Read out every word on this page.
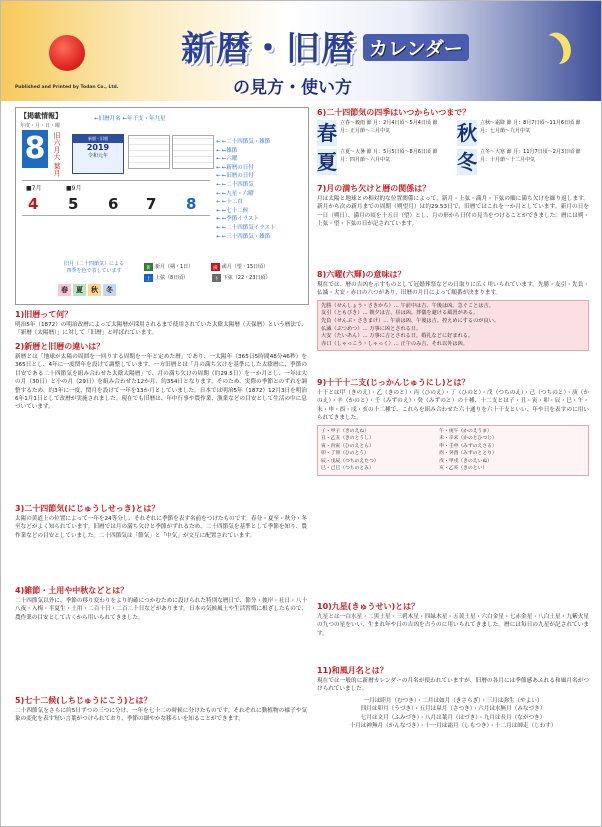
新暦・旧暦 カレンダー
の見方・使い方
Published and Printed by Todan Co., Ltd.
【掲載情報】
年度・月・日・曜
←旧暦月名 ←年干支・年九星
8	旧六月大 葉月	新暦・旧暦
2019
令和元年
← ←二十四節気・雑節
← ←雑節
← ←六曜
← ←新暦の日付
← ←旧暦の日付
← ←二十四節気
← ←九星・六曜
← ←十二直
← ←七十二候
← ←季節イラスト
← ←二十四節気イラスト
← ←三十四節気・雑節
■7月
4
■9月
5 6 7 8
旧月（二十四節気）による四季を色で表しています
春	夏	秋	冬
新 新月（朔・1日）	満 満月（望・15日頃）
上 上弦（8日頃）	下 下弦（22・23日頃）
1)旧暦って何？

明治5年（1872）の明治改暦によって太陽暦が採用されるまで使用されていた太陰太陽暦（天保暦）という暦法で、「新暦（太陽暦）」に対して「旧暦」と呼ばれています。

2)新暦と旧暦の違いは？

新暦とは「地球が太陽の周囲を一回りする周期を一年と定めた暦」であり、一太陽年（365日5時間48分46秒）を365日とし、4年に一度閏年を設けて調整しています。一方旧暦とは「月の満ち欠けを基準にした太陰暦に、季節の目安である二十四節気を組み合わせた太陰太陽暦」で、月の満ち欠けの周期（約29.5日）を一か月とし、一年は大の月（30日）と小の月（29日）を組み合わせた12か月、約354日となります。そのため、実際の季節とのずれを調整するため、約3年に一度、閏月を設けて一年を13か月としていました。日本では明治5年（1872）12月3日を明治6年1月1日として改暦が実施されました。現在でも旧暦は、年中行事や農作業、漁業などの目安として生活の中に息づいています。

3)二十四節気(にじゅうしせっき)とは？

太陽の黄道上の位置によって一年を24等分し、それぞれに季節を表す名前をつけたものです。春分・夏至・秋分・冬至などがよく知られています。旧暦では月の満ち欠けと季節がずれるため、二十四節気を基準として季節を知り、農作業などの目安としていました。二十四節気は「節気」と「中気」が交互に配置されています。

4)雑節・土用や中秋などとは？

二十四節気以外に、季節の移り変わりをより的確につかむために設けられた特別な暦日で、節分・彼岸・社日・八十八夜・入梅・半夏生・土用・二百十日・二百二十日などがあります。日本の気候風土や生活習慣に根ざしたもので、農作業の目安として古くから用いられてきました。

5)七十二候(しちじゅうにこう)とは？

二十四節気をさらに約5日ずつの三つに分け、一年を七十二の時候に分けたものです。それぞれに動植物の様子や気象の変化を表す短い言葉がつけられており、季節の細やかな移ろいを知ることができます。

6)二十四節気の四季はいつからいつまで？
春 立春〜穀雨 節 月：2月4日頃〜5月4日頃 節 月：正月節〜三月中気	秋 立秋〜霜降 節 月：8月7日頃〜11月6日頃 節 月：七月節〜九月中気
夏 立夏〜大暑 節 月：5月5日頃〜8月6日頃 節 月：四月節〜六月中気	冬 立冬〜大寒 節 月：11月7日頃〜2月3日頃 節 月：十月節〜十二月中気
7)月の満ち欠けと暦の関係は？

月は太陽と地球との相対的な位置関係によって、新月・上弦・満月・下弦の順に満ち欠けを繰り返します。新月から次の新月までの周期（朔望月）は約29.53日で、旧暦ではこれを一か月としています。新月の日を一日（朔日）、満月の頃を十五日（望）とし、月の形から日付の見当をつけることができました。暦には朔・上弦・望・下弦の日が記されています。

8)六曜(六輝)の意味は？

現在では、暦の吉凶を示すものとして冠婚葬祭などの日取りに広く用いられています。先勝・友引・先負・仏滅・大安・赤口の六つがあり、旧暦の月日によって順番が決まります。

先勝（せんしょう・さきかち）… 午前中は吉、午後は凶。急ぐことは吉。
友引（ともびき）… 朝夕は吉、昼は凶。葬儀を避ける風習がある。
先負（せんぶ・さきまけ）… 午前は凶、午後は吉。控えめにするのが良い。
仏滅（ぶつめつ）… 万事に凶とされる日。
大安（たいあん）… 万事に吉とされる日。婚礼などに好まれる。
赤口（しゃっこう・しゃっく）… 正午のみ吉、それ以外は凶。
9)十干十二支(じっかんじゅうにし)とは？

十干とは甲（きのえ）・乙（きのと）・丙（ひのえ）・丁（ひのと）・戊（つちのえ）・己（つちのと）・庚（かのえ）・辛（かのと）・壬（みずのえ）・癸（みずのと）の十種、十二支とは子・丑・寅・卯・辰・巳・午・未・申・酉・戌・亥の十二種で、これらを組み合わせた六十通りを六十干支といい、年や日を表すのに用いられてきました。

子・甲子（きのえね）	午・庚午（かのえうま）
丑・乙丑（きのとうし）	未・辛未（かのとひつじ）
寅・丙寅（ひのえとら）	申・壬申（みずのえさる）
卯・丁卯（ひのとう）	酉・癸酉（みずのととり）
辰・戊辰（つちのえたつ）	戌・甲戌（きのえいぬ）
巳・己巳（つちのとみ）	亥・乙亥（きのとい）
10)九星(きゅうせい)とは？

九星とは一白水星・二黒土星・三碧木星・四緑木星・五黄土星・六白金星・七赤金星・八白土星・九紫火星の九つの星をいい、生まれ年や日の吉凶を占うのに用いられてきました。暦には毎日の九星が記されています。

11)和風月名とは？

現在では一般的に新暦カレンダーの月名が使われていますが、旧暦の各月には季節感あふれる和風月名がつけられていました。

一月は睦月（むつき）・二月は如月（きさらぎ）・三月は弥生（やよい）
四月は卯月（うづき）・五月は皐月（さつき）・六月は水無月（みなづき）
七月は文月（ふみづき）・八月は葉月（はづき）・九月は長月（ながつき）
十月は神無月（かんなづき）・十一月は霜月（しもつき）・十二月は師走（しわす）
